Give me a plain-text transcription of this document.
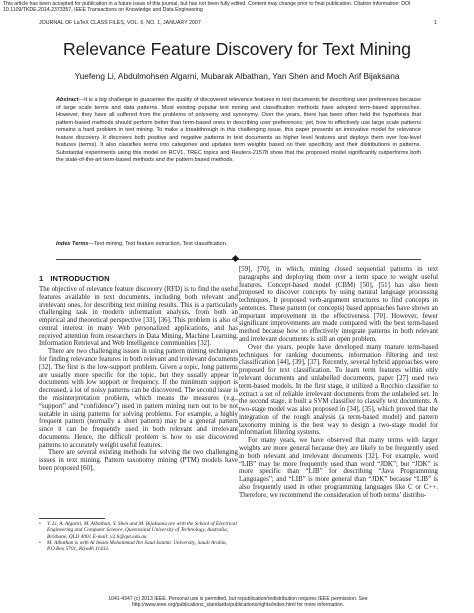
This article has been accepted for publication in a future issue of this journal, but has not been fully edited. Content may change prior to final publication. Citation information: DOI 10.1109/TKDE.2014.2373357, IEEE Transactions on Knowledge and Data Engineering
JOURNAL OF LaTeX CLASS FILES, VOL. 6, NO. 1, JANUARY 2007	1
Relevance Feature Discovery for Text Mining
Yuefeng Li, Abdulmohsen Algarni, Mubarak Albathan, Yan Shen and Moch Arif Bijaksana
Abstract—It is a big challenge to guarantee the quality of discovered relevance features in text documents for describing user preferences because of large scale terms and data patterns. Most existing popular text mining and classification methods have adopted term-based approaches. However, they have all suffered from the problems of polysemy and synonymy. Over the years, there has been often held the hypothesis that pattern-based methods should perform better than term-based ones in describing user preferences; yet, how to effectively use large scale patterns remains a hard problem in text mining. To make a breakthrough in this challenging issue, this paper presents an innovative model for relevance feature discovery. It discovers both positive and negative patterns in text documents as higher level features and deploys them over low-level features (terms). It also classifies terms into categories and updates term weights based on their specificity and their distributions in patterns. Substantial experiments using this model on RCV1, TREC topics and Reuters-21578 show that the proposed model significantly outperforms both the state-of-the-art term-based methods and the pattern based methods.
Index Terms—Text mining, Text feature extraction, Text classification.
1 INTRODUCTION

The objective of relevance feature discovery (RFD) is to find the useful features available in text documents, including both relevant and irrelevant ones, for describing text mining results. This is a particularly challenging task in modern information analysis, from both an empirical and theoretical perspective [33], [36]. This problem is also of central interest in many Web personalized applications, and has received attention from researchers in Data Mining, Machine Learning, Information Retrieval and Web Intelligence communities [32].

There are two challenging issues in using pattern mining techniques for finding relevance features in both relevant and irrelevant documents [32]. The first is the low-support problem. Given a topic, long patterns are usually more specific for the topic, but they usually appear in documents with low support or frequency. If the minimum support is decreased, a lot of noisy patterns can be discovered. The second issue is the misinterpretation problem, which means the measures (e.g., “support” and “confidence”) used in pattern mining turn out to be not suitable in using patterns for solving problems. For example, a highly frequent pattern (normally a short pattern) may be a general pattern since it can be frequently used in both relevant and irrelevant documents. Hence, the difficult problem is how to use discovered patterns to accurately weight useful features.

There are several existing methods for solving the two challenging issues in text mining. Pattern taxonomy mining (PTM) models have been proposed [60],

[59], [70], in which, mining closed sequential patterns in text paragraphs and deploying them over a term space to weight useful features. Concept-based model (CBM) [50], [51] has also been proposed to discover concepts by using natural language processing techniques. It proposed verb-argument structures to find concepts in sentences. These pattern (or concepts) based approaches have shown an important improvement in the effectiveness [70]. However, fewer significant improvements are made compared with the best term-based method because how to effectively integrate patterns in both relevant and irrelevant documents is still an open problem.

Over the years, people have developed many mature term-based techniques for ranking documents, information filtering and text classification [44], [39], [37]. Recently, several hybrid approaches were proposed for text classification. To learn term features within only relevant documents and unlabelled documents, paper [27] used two term-based models. In the first stage, it utilized a Rocchio classifier to extract a set of reliable irrelevant documents from the unlabeled set. In the second stage, it built a SVM classifier to classify text documents. A two-stage model was also proposed in [34], [35], which proved that the integration of the rough analysis (a term-based model) and pattern taxonomy mining is the best way to design a two-stage model for information filtering systems.

For many years, we have observed that many terms with larger weights are more general because they are likely to be frequently used in both relevant and irrelevant documents [32]. For example, word “LIB” may be more frequently used than word “JDK”; but “JDK” is more specific than “LIB” for describing “Java Programming Languages”; and “LIB” is more general than “JDK” because “LIB” is also frequently used in other programming languages like C or C++. Therefore, we recommend the consideration of both terms’ distribu-

•	Y. Li, A. Algarni, M. Albathan, Y. Shen and M. Bijaksana are with the School of Electrical Engineering and Computer Science, Queensland University of Technology, Australia, Brisbane, QLD 4001 E-mail: y2.li@qut.edu.au
•	M. Albathan is with Al Imam Mohammad Ibn Saud Islamic University, Saudi Arabia, P.O.Box 5701, Riyadh 11432.
1041-4347 (c) 2013 IEEE. Personal use is permitted, but republication/redistribution requires IEEE permission. See http://www.ieee.org/publications_standards/publications/rights/index.html for more information.
